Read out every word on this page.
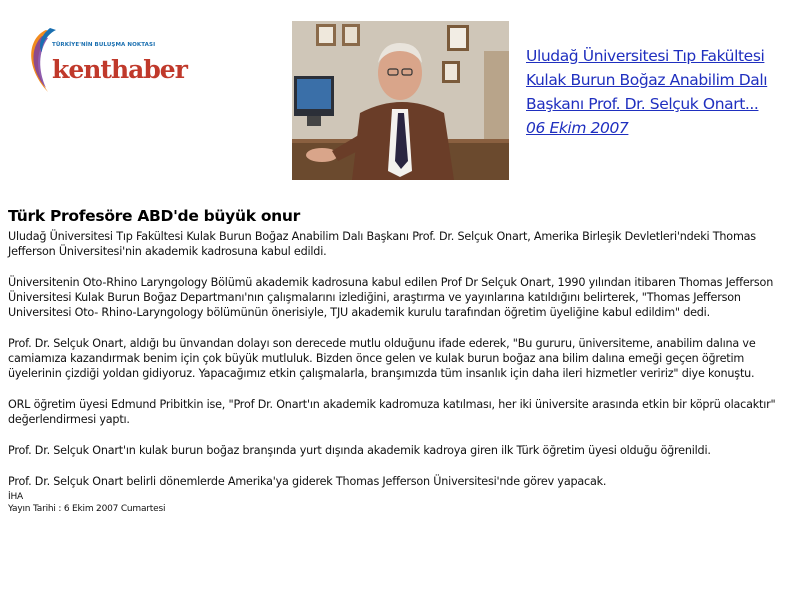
TÜRKİYE'NİN BULUŞMA NOKTASI
kenthaber	Uludağ Üniversitesi Tıp Fakültesi
Kulak Burun Boğaz Anabilim Dalı
Başkanı Prof. Dr. Selçuk Onart...
06 Ekim 2007
Türk Profesöre ABD'de büyük onur

Uludağ Üniversitesi Tıp Fakültesi Kulak Burun Boğaz Anabilim Dalı Başkanı Prof. Dr. Selçuk Onart, Amerika Birleşik Devletleri'ndeki Thomas Jefferson Üniversitesi'nin akademik kadrosuna kabul edildi.

Üniversitenin Oto-Rhino Laryngology Bölümü akademik kadrosuna kabul edilen Prof Dr Selçuk Onart, 1990 yılından itibaren Thomas Jefferson Üniversitesi Kulak Burun Boğaz Departmanı'nın çalışmalarını izlediğini, araştırma ve yayınlarına katıldığını belirterek, "Thomas Jefferson Universitesi Oto- Rhino-Laryngology bölümünün önerisiyle, TJU akademik kurulu tarafından öğretim üyeliğine kabul edildim" dedi.

Prof. Dr. Selçuk Onart, aldığı bu ünvandan dolayı son derecede mutlu olduğunu ifade ederek, "Bu gururu, üniversiteme, anabilim dalına ve camiamıza kazandırmak benim için çok büyük mutluluk. Bizden önce gelen ve kulak burun boğaz ana bilim dalına emeği geçen öğretim üyelerinin çizdiği yoldan gidiyoruz. Yapacağımız etkin çalışmalarla, branşımızda tüm insanlık için daha ileri hizmetler veririz" diye konuştu.

ORL öğretim üyesi Edmund Pribitkin ise, "Prof Dr. Onart'ın akademik kadromuza katılması, her iki üniversite arasında etkin bir köprü olacaktır" değerlendirmesi yaptı.

Prof. Dr. Selçuk Onart'ın kulak burun boğaz branşında yurt dışında akademik kadroya giren ilk Türk öğretim üyesi olduğu öğrenildi.

Prof. Dr. Selçuk Onart belirli dönemlerde Amerika'ya giderek Thomas Jefferson Üniversitesi'nde görev yapacak.

İHA
Yayın Tarihi : 6 Ekim 2007 Cumartesi
